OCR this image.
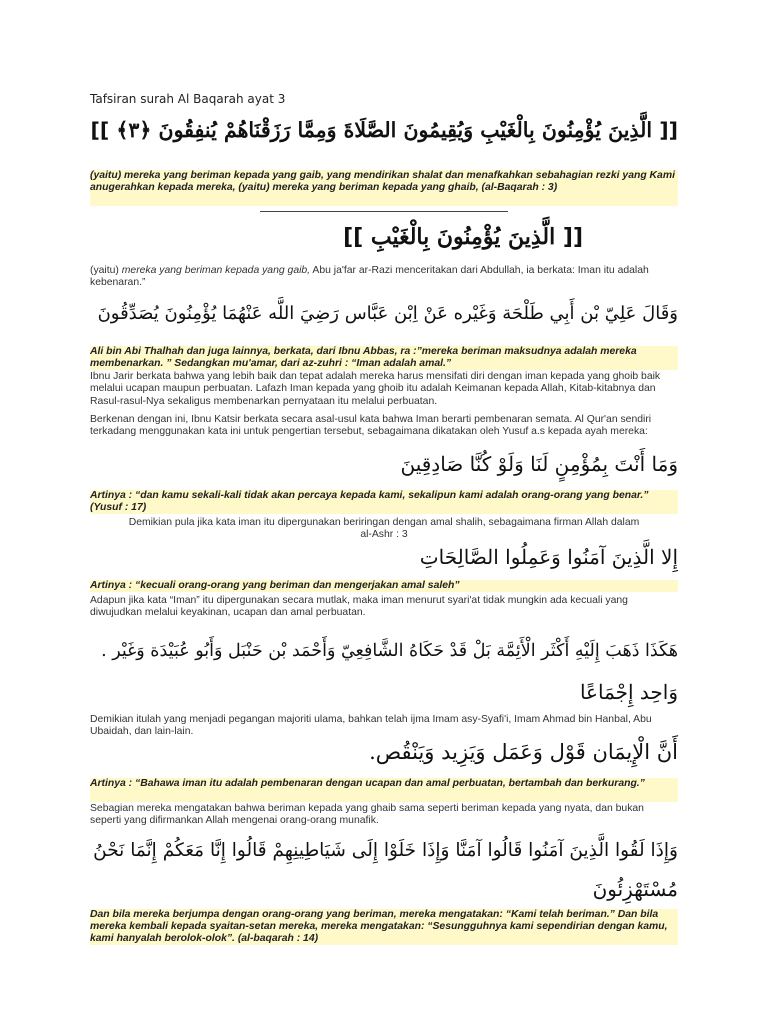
Tafsiran surah Al Baqarah ayat 3
[[ الَّذِينَ يُؤْمِنُونَ بِالْغَيْبِ وَيُقِيمُونَ الصَّلَاةَ وَمِمَّا رَزَقْنَاهُمْ يُنفِقُونَ ﴿٣﴾ ]]
(yaitu) mereka yang beriman kepada yang gaib, yang mendirikan shalat dan menafkahkan sebahagian rezki yang Kami anugerahkan kepada mereka, (yaitu) mereka yang beriman kepada yang ghaib, (al-Baqarah : 3)
[[ الَّذِينَ يُؤْمِنُونَ بِالْغَيْبِ ]]
(yaitu) mereka yang beriman kepada yang gaib, Abu ja'far ar-Razi menceritakan dari Abdullah, ia berkata: Iman itu adalah kebenaran.”
وَقَالَ عَلِيّ بْن أَبِي طَلْحَة وَغَيْره عَنْ اِبْن عَبَّاس رَضِيَ اللَّه عَنْهُمَا يُؤْمِنُونَ يُصَدِّقُونَ
Ali bin Abi Thalhah dan juga lainnya, berkata, dari Ibnu Abbas, ra :”mereka beriman maksudnya adalah mereka membenarkan. ” Sedangkan mu'amar, dari az-zuhri : “Iman adalah amal.”
Ibnu Jarir berkata bahwa yang lebih baik dan tepat adalah mereka harus mensifati diri dengan iman kepada yang ghoib baik melalui ucapan maupun perbuatan. Lafazh Iman kepada yang ghoib itu adalah Keimanan kepada Allah, Kitab-kitabnya dan Rasul-rasul-Nya sekaligus membenarkan pernyataan itu melalui perbuatan.
Berkenan dengan ini, Ibnu Katsir berkata secara asal-usul kata bahwa Iman berarti pembenaran semata. Al Qur'an sendiri terkadang menggunakan kata ini untuk pengertian tersebut, sebagaimana dikatakan oleh Yusuf a.s kepada ayah mereka:
وَمَا أَنْتَ بِمُؤْمِنٍ لَنَا وَلَوْ كُنَّا صَادِقِينَ
Artinya : “dan kamu sekali-kali tidak akan percaya kepada kami, sekalipun kami adalah orang-orang yang benar.” (Yusuf : 17)
Demikian pula jika kata iman itu dipergunakan beriringan dengan amal shalih, sebagaimana firman Allah dalam
al-Ashr : 3
إِلا الَّذِينَ آمَنُوا وَعَمِلُوا الصَّالِحَاتِ
Artinya : “kecuali orang-orang yang beriman dan mengerjakan amal saleh”
Adapun jika kata “Iman” itu dipergunakan secara mutlak, maka iman menurut syari'at tidak mungkin ada kecuali yang diwujudkan melalui keyakinan, ucapan dan amal perbuatan.
هَكَذَا ذَهَبَ إِلَيْهِ أَكْثَر الْأَئِمَّة بَلْ قَدْ حَكَاهُ الشَّافِعِيّ وَأَحْمَد بْن حَنْبَل وَأَبُو عُبَيْدَة وَغَيْر .
وَاحِد إِجْمَاعًا
Demikian itulah yang menjadi pegangan majoriti ulama, bahkan telah ijma Imam asy-Syafi'i, Imam Ahmad bin Hanbal, Abu Ubaidah, dan lain-lain.
أَنَّ الْإِيمَان قَوْل وَعَمَل وَيَزِيد وَيَنْقُص.
Artinya : “Bahawa iman itu adalah pembenaran dengan ucapan dan amal perbuatan, bertambah dan berkurang.”
Sebagian mereka mengatakan bahwa beriman kepada yang ghaib sama seperti beriman kepada yang nyata, dan bukan seperti yang difirmankan Allah mengenai orang-orang munafik.
وَإِذَا لَقُوا الَّذِينَ آمَنُوا قَالُوا آمَنَّا وَإِذَا خَلَوْا إِلَى شَيَاطِينِهِمْ قَالُوا إِنَّا مَعَكُمْ إِنَّمَا نَحْنُ
مُسْتَهْزِئُونَ
Dan bila mereka berjumpa dengan orang-orang yang beriman, mereka mengatakan: “Kami telah beriman.” Dan bila mereka kembali kepada syaitan-setan mereka, mereka mengatakan: “Sesungguhnya kami sependirian dengan kamu, kami hanyalah berolok-olok”. (al-baqarah : 14)
